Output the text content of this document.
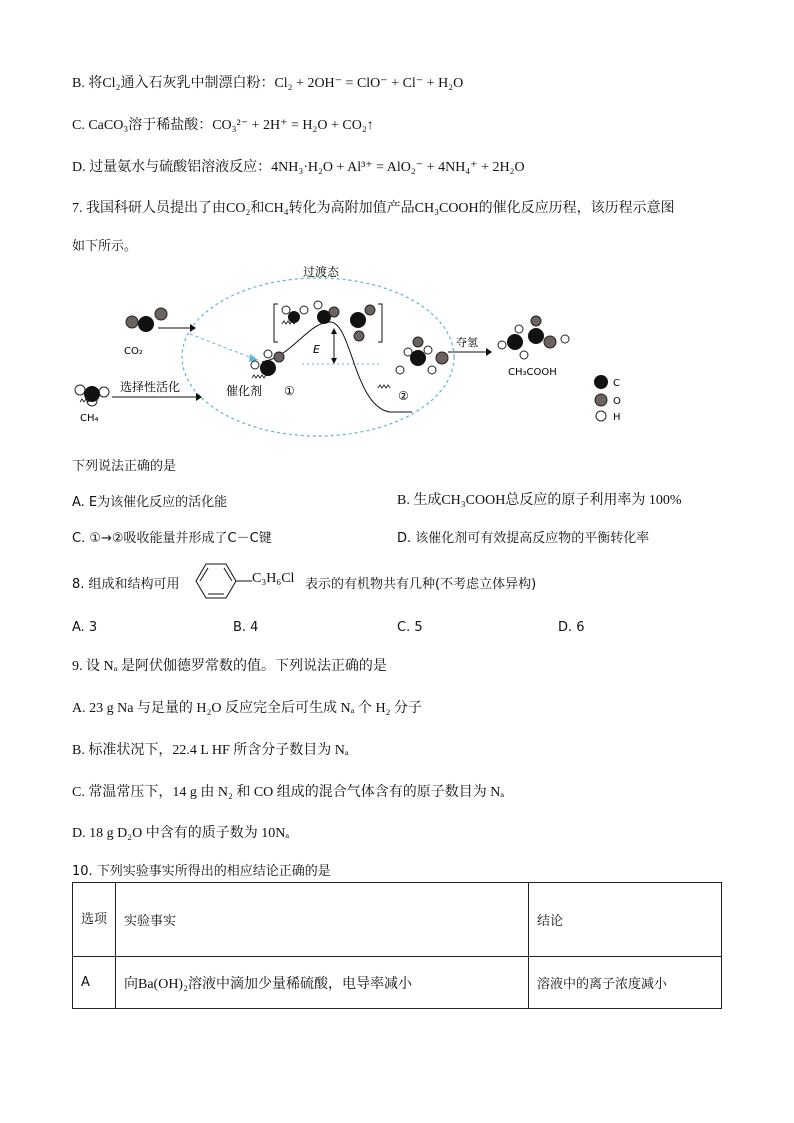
B. 将Cl₂通入石灰乳中制漂白粉：Cl₂ + 2OH⁻ = ClO⁻ + Cl⁻ + H₂O
C. CaCO₃溶于稀盐酸：CO₃²⁻ + 2H⁺ = H₂O + CO₂↑
D. 过量氨水与硫酸铝溶液反应：4NH₃·H₂O + Al³⁺ = AlO₂⁻ + 4NH₄⁺ + 2H₂O
7. 我国科研人员提出了由CO₂和CH₄转化为高附加值产品CH₃COOH的催化反应历程，该历程示意图
如下所示。
过渡态
CO₂
CH₄
选择性活化
E
催化剂 ①	②
夺氢
CH₃COOH
C
O
H
下列说法正确的是
A. E为该催化反应的活化能	B. 生成CH₃COOH总反应的原子利用率为 100%
C. ①→②吸收能量并形成了C－C键	D. 该催化剂可有效提高反应物的平衡转化率
8. 组成和结构可用	C₃H₆Cl 表示的有机物共有几种(不考虑立体异构)
A. 3	B. 4	C. 5	D. 6
9. 设 Nₐ 是阿伏伽德罗常数的值。下列说法正确的是
A. 23 g Na 与足量的 H₂O 反应完全后可生成 Nₐ 个 H₂ 分子
B. 标准状况下，22.4 L HF 所含分子数目为 Nₐ
C. 常温常压下，14 g 由 N₂ 和 CO 组成的混合气体含有的原子数目为 Nₐ
D. 18 g D₂O 中含有的质子数为 10Nₐ
10. 下列实验事实所得出的相应结论正确的是
选项	实验事实	结论
A	向Ba(OH)₂溶液中滴加少量稀硫酸，电导率减小	溶液中的离子浓度减小
